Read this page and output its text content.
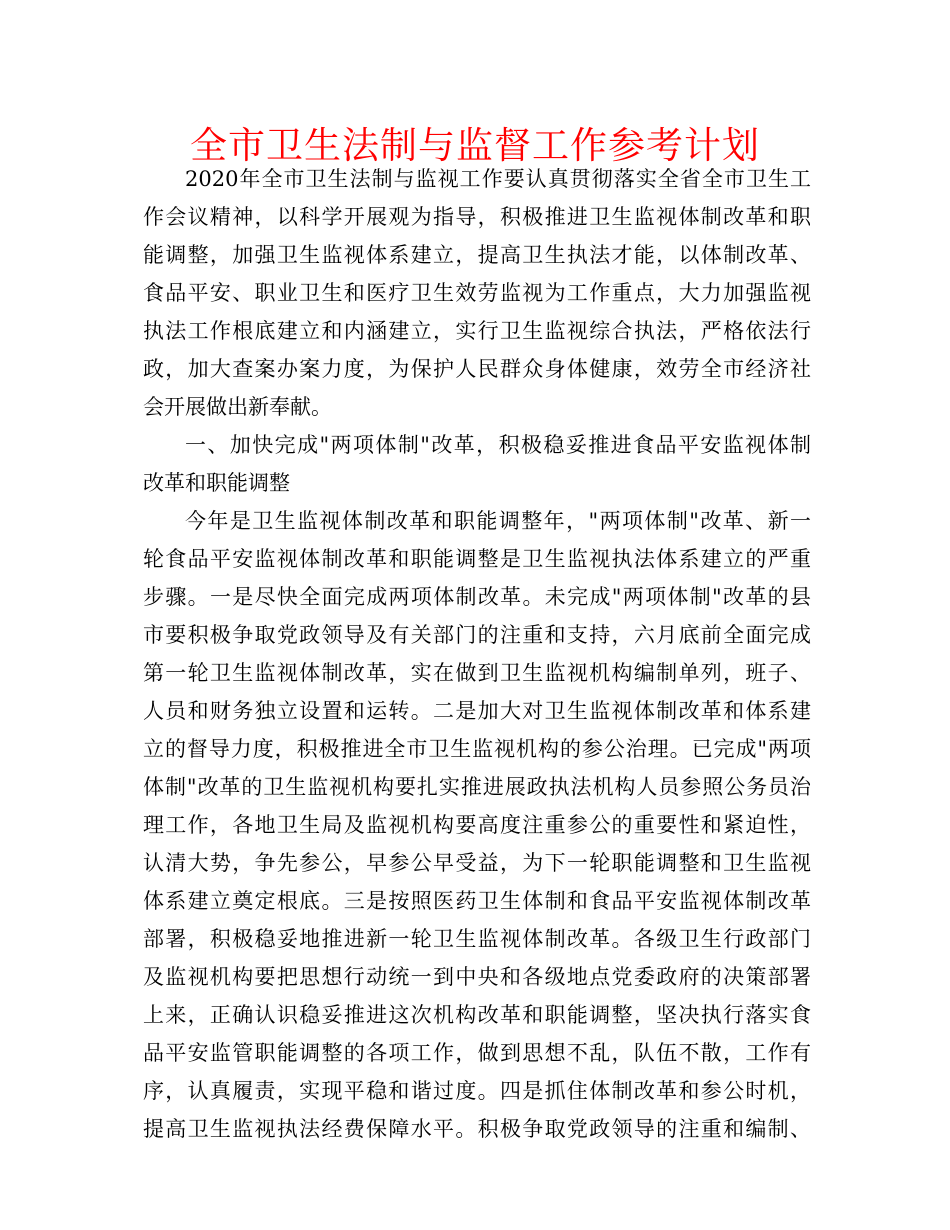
全市卫生法制与监督工作参考计划
2020年全市卫生法制与监视工作要认真贯彻落实全省全市卫生工
作会议精神，以科学开展观为指导，积极推进卫生监视体制改革和职
能调整，加强卫生监视体系建立，提高卫生执法才能，以体制改革、
食品平安、职业卫生和医疗卫生效劳监视为工作重点，大力加强监视
执法工作根底建立和内涵建立，实行卫生监视综合执法，严格依法行
政，加大查案办案力度，为保护人民群众身体健康，效劳全市经济社
会开展做出新奉献。
一、加快完成"两项体制"改革，积极稳妥推进食品平安监视体制
改革和职能调整
今年是卫生监视体制改革和职能调整年，"两项体制"改革、新一
轮食品平安监视体制改革和职能调整是卫生监视执法体系建立的严重
步骤。一是尽快全面完成两项体制改革。未完成"两项体制"改革的县
市要积极争取党政领导及有关部门的注重和支持，六月底前全面完成
第一轮卫生监视体制改革，实在做到卫生监视机构编制单列，班子、
人员和财务独立设置和运转。二是加大对卫生监视体制改革和体系建
立的督导力度，积极推进全市卫生监视机构的参公治理。已完成"两项
体制"改革的卫生监视机构要扎实推进展政执法机构人员参照公务员治
理工作，各地卫生局及监视机构要高度注重参公的重要性和紧迫性，
认清大势，争先参公，早参公早受益，为下一轮职能调整和卫生监视
体系建立奠定根底。三是按照医药卫生体制和食品平安监视体制改革
部署，积极稳妥地推进新一轮卫生监视体制改革。各级卫生行政部门
及监视机构要把思想行动统一到中央和各级地点党委政府的决策部署
上来，正确认识稳妥推进这次机构改革和职能调整，坚决执行落实食
品平安监管职能调整的各项工作，做到思想不乱，队伍不散，工作有
序，认真履责，实现平稳和谐过度。四是抓住体制改革和参公时机，
提高卫生监视执法经费保障水平。积极争取党政领导的注重和编制、
